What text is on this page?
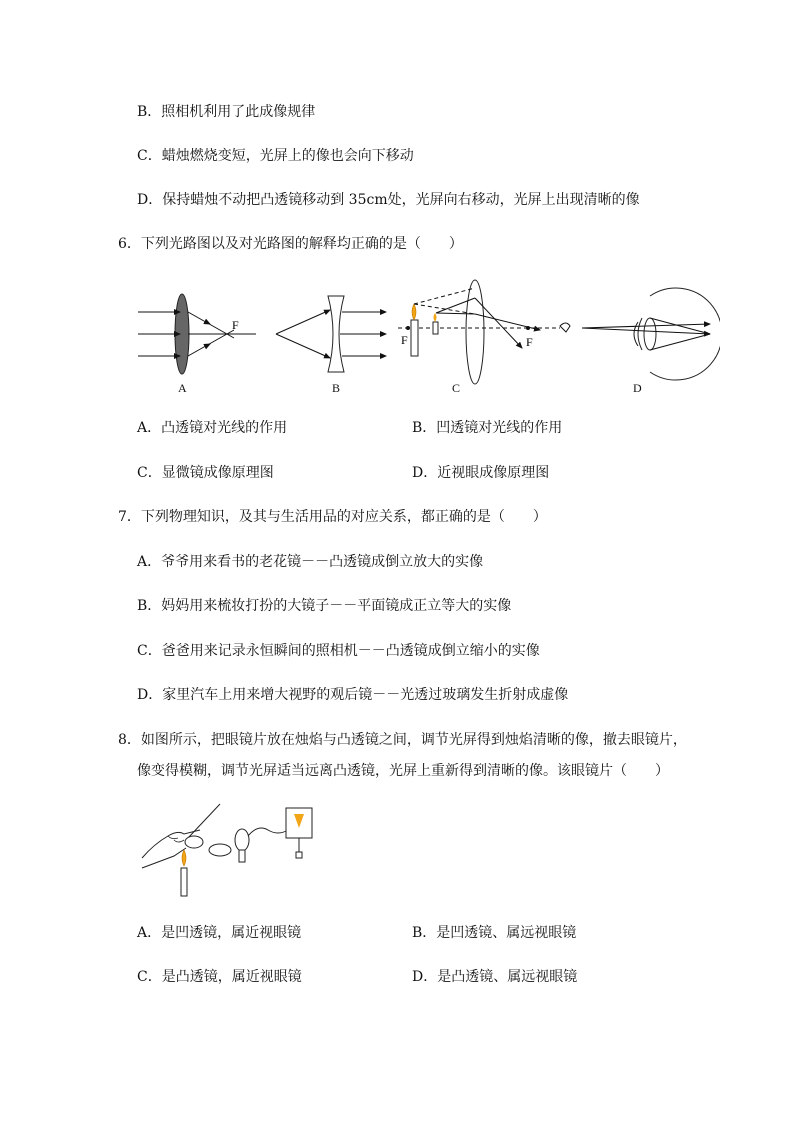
B．照相机利用了此成像规律
C．蜡烛燃烧变短，光屏上的像也会向下移动
D．保持蜡烛不动把凸透镜移动到 35cm处，光屏向右移动，光屏上出现清晰的像
6．下列光路图以及对光路图的解释均正确的是（　　）
F
F	F
A	B	C	D
A．凸透镜对光线的作用	B．凹透镜对光线的作用
C．显微镜成像原理图	D．近视眼成像原理图
7．下列物理知识，及其与生活用品的对应关系，都正确的是（　　）
A．爷爷用来看书的老花镜－－凸透镜成倒立放大的实像
B．妈妈用来梳妆打扮的大镜子－－平面镜成正立等大的实像
C．爸爸用来记录永恒瞬间的照相机－－凸透镜成倒立缩小的实像
D．家里汽车上用来增大视野的观后镜－－光透过玻璃发生折射成虚像
8．如图所示，把眼镜片放在烛焰与凸透镜之间，调节光屏得到烛焰清晰的像，撤去眼镜片，
像变得模糊，调节光屏适当远离凸透镜，光屏上重新得到清晰的像。该眼镜片（　　）
A．是凹透镜，属近视眼镜	B．是凹透镜、属远视眼镜
C．是凸透镜，属近视眼镜	D．是凸透镜、属远视眼镜
